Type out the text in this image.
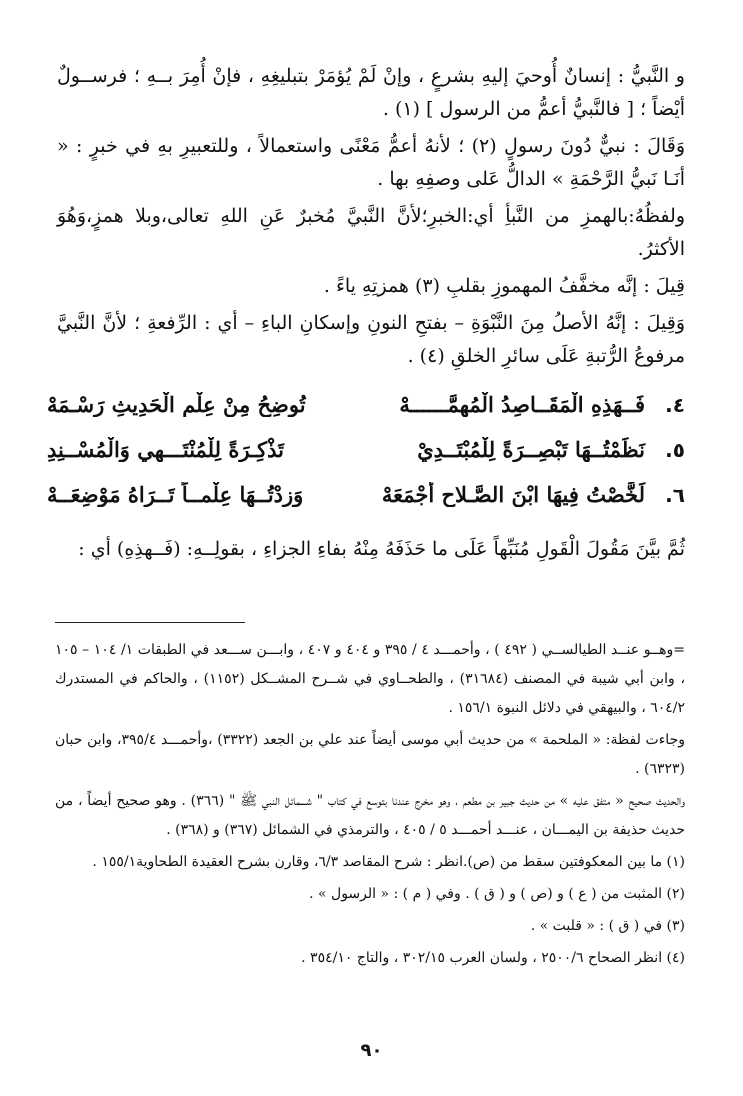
و النَّبيُّ : إنسانٌ أُوحيَ إليهِ بشرعٍ ، وإنْ لَمْ يُؤمَرْ بتبليغِهِ ، فإنْ أُمِرَ بــهِ ؛ فرســولٌ أيْضاً ؛ [ فالنَّبيُّ أعمُّ من الرسول ] (١) .

وَقَالَ : نبيٌّ دُونَ رسولٍ (٢) ؛ لأنهُ أعمُّ مَعْنًى واستعمالاً ، وللتعبيرِ بهِ في خبرٍ : « أنَـا نَبيُّ الرَّحْمَةِ » الدالُّ عَلى وصفِهِ بها .

ولفظُهُ:بالهمزِ من النَّبأِ أي:الخبرِ؛لأنَّ النَّبيَّ مُخبرٌ عَنِ اللهِ تعالى،وبلا همزٍ،وَهُوَ الأكثرُ.

قِيلَ : إنَّه مخفَّفُ المهموزِ بقلبِ (٣) همزتِهِ ياءً .

وَقِيلَ : إنَّهُ الأصلُ مِنَ النَّبْوَةِ – بفتحِ النونِ وإسكانِ الباءِ – أي : الرِّفعةِ ؛ لأنَّ النَّبيَّ مرفوعُ الرُّتبةِ عَلَى سائرِ الخلقِ (٤) .

٤.
فَــهَذِهِ الْمَقَــاصِدُ الْمُهِمَّــــــهْ
تُوضِحُ مِنْ عِلْمِ الْحَدِيثِ رَسْـمَهْ
٥.
نَظَمْتُــهَا تَبْصِــرَةً لِلْمُبْتَــدِيْ
تَذْكِـرَةً لِلْمُنْتَـــهِي وَالْمُسْــنِدِ
٦.
لَخَّصْتُ فِيهَا ابْنَ الصَّـلاحِ أَجْمَعَهْ
وَزِدْتُــهَا عِلْمــاً تَــرَاهُ مَوْضِعَــهْ
ثُمَّ بيَّنَ مَقُولَ الْقَولِ مُنَبِّهاً عَلَى ما حَذَفَهُ مِنْهُ بفاءِ الجزاءِ ، بقولِــهِ: (فَــهذِهِ) أي :

=وهــو عنــد الطيالســي ( ٤٩٢ ) ، وأحمـــد ٤ / ٣٩٥ و ٤٠٤ و ٤٠٧ ، وابـــن ســـعد في الطبقات ١/ ١٠٤ – ١٠٥ ، وابن أبي شيبة في المصنف (٣١٦٨٤) ، والطحــاوي في شــرح المشــكل (١١٥٢) ، والحاكم في المستدرك ٦٠٤/٢ ، والبيهقي في دلائل النبوة ١٥٦/١ .

وجاءت لفظة: « الملحمة » من حديث أبي موسى أيضاً عند علي بن الجعد (٣٣٢٢) ،وأحمـــد ٣٩٥/٤، وابن حبان (٦٣٢٣) .

والحديث صحيح « متفق عليه » من حديث جبير بن مطعم ، وهو مخرج عندنا بتوسع في كتاب " شـــمائل النبي ﷺ " (٣٦٦) . وهو صحيح أيضاً ، من حديث حذيفة بن اليمـــان ، عنـــد أحمـــد ٥ / ٤٠٥ ، والترمذي في الشمائل (٣٦٧) و (٣٦٨) .

(١) ما بين المعكوفتين سقط من (ص).انظر : شرح المقاصد ٦/٣، وقارن بشرح العقيدة الطحاوية١٥٥/١ .

(٢) المثبت من ( ع ) و (ص ) و ( ق ) . وفي ( م ) : « الرسول » .

(٣) في ( ق ) : « قلبت » .

(٤) انظر الصحاح ٢٥٠٠/٦ ، ولسان العرب ٣٠٢/١٥ ، والتاج ٣٥٤/١٠ .

٩٠
